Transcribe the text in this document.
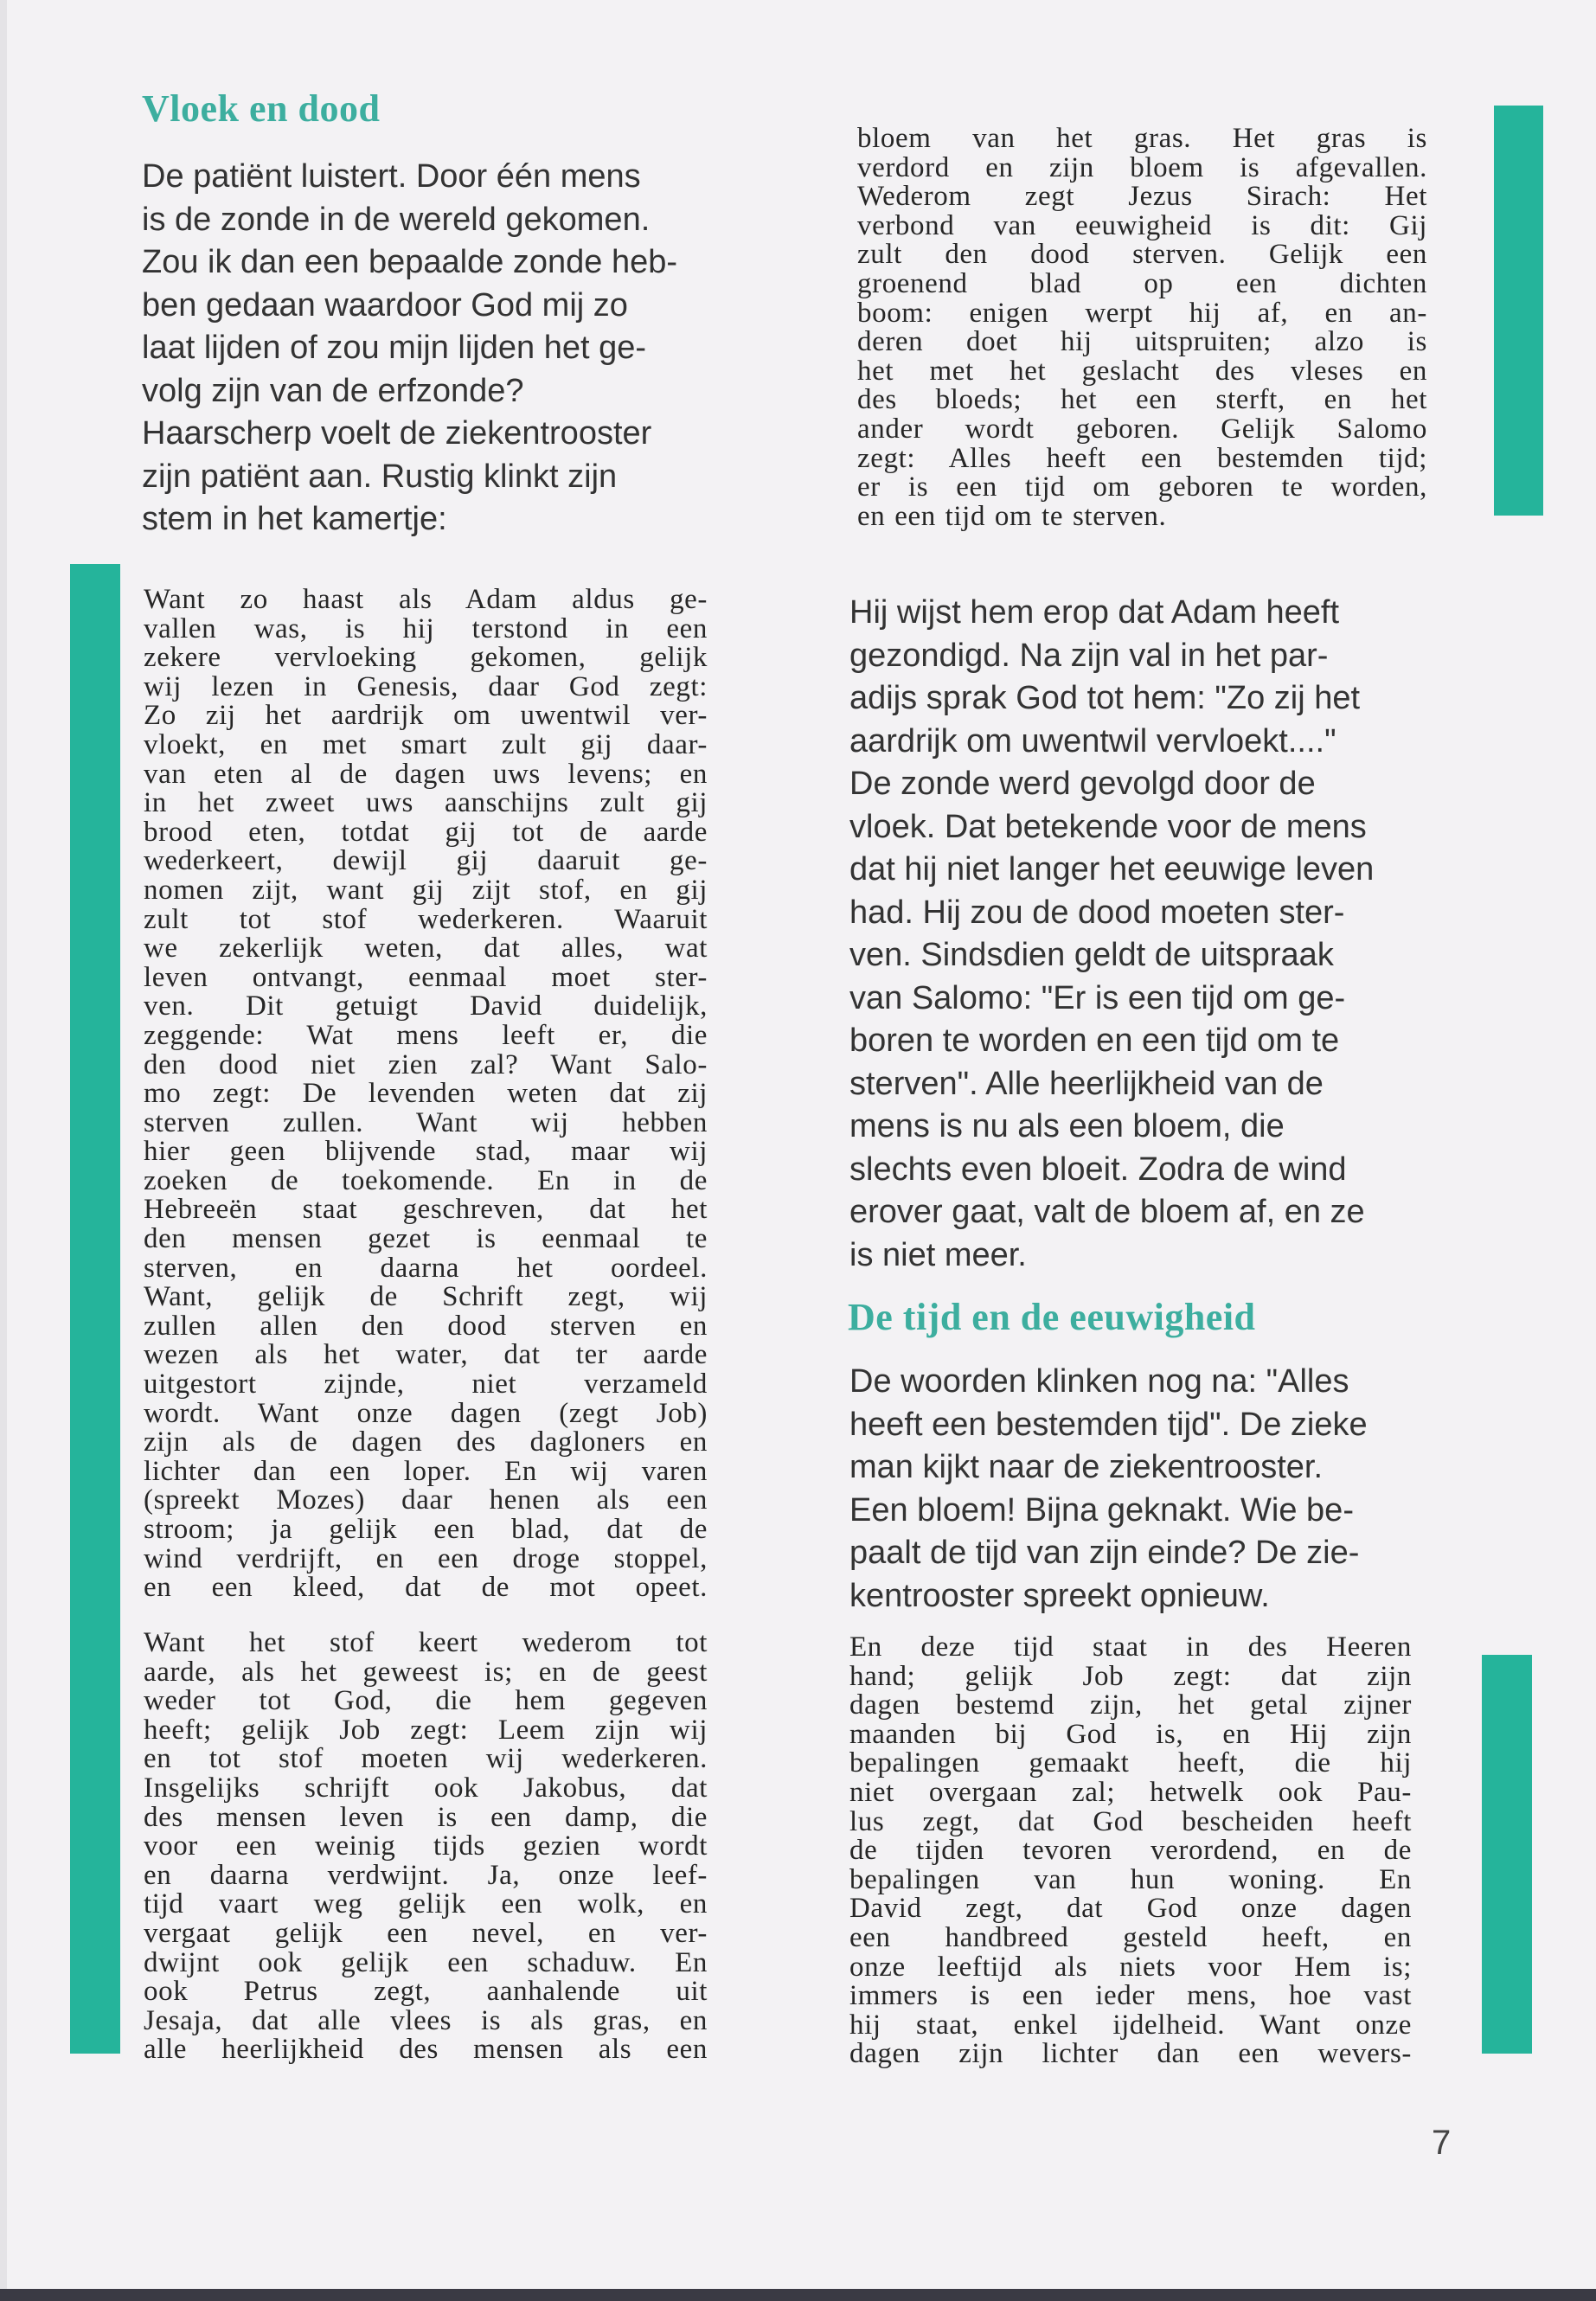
Vloek en dood
De patiënt luistert. Door één mens
is de zonde in de wereld gekomen.
Zou ik dan een bepaalde zonde heb-
ben gedaan waardoor God mij zo
laat lijden of zou mijn lijden het ge-
volg zijn van de erfzonde?
Haarscherp voelt de ziekentrooster
zijn patiënt aan. Rustig klinkt zijn
stem in het kamertje:
Want zo haast als Adam aldus ge-
vallen was, is hij terstond in een
zekere vervloeking gekomen, gelijk
wij lezen in Genesis, daar God zegt:
Zo zij het aardrijk om uwentwil ver-
vloekt, en met smart zult gij daar-
van eten al de dagen uws levens; en
in het zweet uws aanschijns zult gij
brood eten, totdat gij tot de aarde
wederkeert, dewijl gij daaruit ge-
nomen zijt, want gij zijt stof, en gij
zult tot stof wederkeren. Waaruit
we zekerlijk weten, dat alles, wat
leven ontvangt, eenmaal moet ster-
ven. Dit getuigt David duidelijk,
zeggende: Wat mens leeft er, die
den dood niet zien zal? Want Salo-
mo zegt: De levenden weten dat zij
sterven zullen. Want wij hebben
hier geen blijvende stad, maar wij
zoeken de toekomende. En in de
Hebreeën staat geschreven, dat het
den mensen gezet is eenmaal te
sterven, en daarna het oordeel.
Want, gelijk de Schrift zegt, wij
zullen allen den dood sterven en
wezen als het water, dat ter aarde
uitgestort zijnde, niet verzameld
wordt. Want onze dagen (zegt Job)
zijn als de dagen des dagloners en
lichter dan een loper. En wij varen
(spreekt Mozes) daar henen als een
stroom; ja gelijk een blad, dat de
wind verdrijft, en een droge stoppel,
en een kleed, dat de mot opeet.
Want het stof keert wederom tot
aarde, als het geweest is; en de geest
weder tot God, die hem gegeven
heeft; gelijk Job zegt: Leem zijn wij
en tot stof moeten wij wederkeren.
Insgelijks schrijft ook Jakobus, dat
des mensen leven is een damp, die
voor een weinig tijds gezien wordt
en daarna verdwijnt. Ja, onze leef-
tijd vaart weg gelijk een wolk, en
vergaat gelijk een nevel, en ver-
dwijnt ook gelijk een schaduw. En
ook Petrus zegt, aanhalende uit
Jesaja, dat alle vlees is als gras, en
alle heerlijkheid des mensen als een
bloem van het gras. Het gras is
verdord en zijn bloem is afgevallen.
Wederom zegt Jezus Sirach: Het
verbond van eeuwigheid is dit: Gij
zult den dood sterven. Gelijk een
groenend blad op een dichten
boom: enigen werpt hij af, en an-
deren doet hij uitspruiten; alzo is
het met het geslacht des vleses en
des bloeds; het een sterft, en het
ander wordt geboren. Gelijk Salomo
zegt: Alles heeft een bestemden tijd;
er is een tijd om geboren te worden,
en een tijd om te sterven.
Hij wijst hem erop dat Adam heeft
gezondigd. Na zijn val in het par-
adijs sprak God tot hem: "Zo zij het
aardrijk om uwentwil vervloekt...."
De zonde werd gevolgd door de
vloek. Dat betekende voor de mens
dat hij niet langer het eeuwige leven
had. Hij zou de dood moeten ster-
ven. Sindsdien geldt de uitspraak
van Salomo: "Er is een tijd om ge-
boren te worden en een tijd om te
sterven". Alle heerlijkheid van de
mens is nu als een bloem, die
slechts even bloeit. Zodra de wind
erover gaat, valt de bloem af, en ze
is niet meer.
De tijd en de eeuwigheid
De woorden klinken nog na: "Alles
heeft een bestemden tijd". De zieke
man kijkt naar de ziekentrooster.
Een bloem! Bijna geknakt. Wie be-
paalt de tijd van zijn einde? De zie-
kentrooster spreekt opnieuw.
En deze tijd staat in des Heeren
hand; gelijk Job zegt: dat zijn
dagen bestemd zijn, het getal zijner
maanden bij God is, en Hij zijn
bepalingen gemaakt heeft, die hij
niet overgaan zal; hetwelk ook Pau-
lus zegt, dat God bescheiden heeft
de tijden tevoren verordend, en de
bepalingen van hun woning. En
David zegt, dat God onze dagen
een handbreed gesteld heeft, en
onze leeftijd als niets voor Hem is;
immers is een ieder mens, hoe vast
hij staat, enkel ijdelheid. Want onze
dagen zijn lichter dan een wevers-
7
